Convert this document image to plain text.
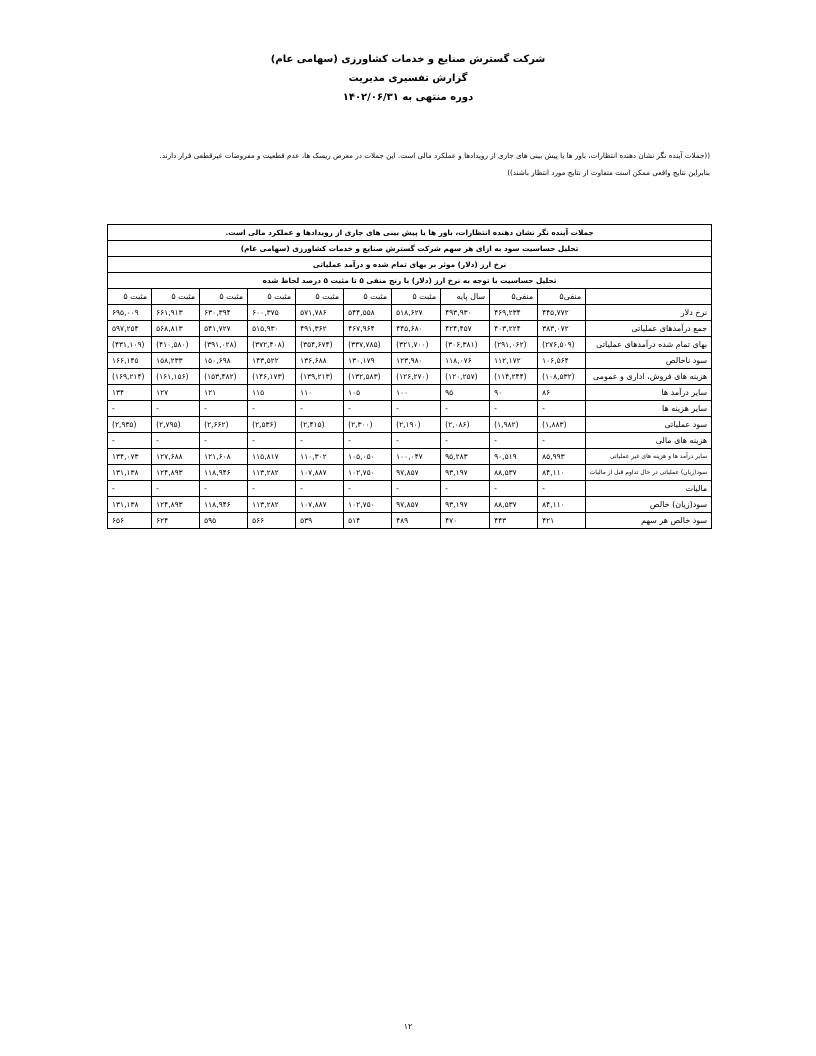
شرکت گسترش صنایع و خدمات کشاورزی (سهامی عام)
گزارش تفسیری مدیریت
دوره منتهی به ۱۴۰۲/۰۶/۳۱
((جملات آینده نگر نشان دهنده انتظارات، باور ها یا پیش بینی های جاری از رویدادها و عملکرد مالی است. این جملات در معرض ریسک ها، عدم قطعیت و مفروضات غیرقطعی قرار دارند.
بنابراین نتایج واقعی ممکن است متفاوت از نتایج مورد انتظار باشند))
جملات آینده نگر نشان دهنده انتظارات، باور ها یا پیش بینی های جاری از رویدادها و عملکرد مالی است.										
تحلیل حساسیت سود به ازای هر سهم شرکت گسترش صنایع و خدمات کشاورزی (سهامی عام)										
نرخ ارز (دلار) موثر بر بهای تمام شده و درآمد عملیاتی										
تحلیل حساسیت با توجه به نرخ ارز (دلار) با رنج منفی ۵ تا مثبت ۵ درصد لحاظ شده										
	منفی۵	منفی۵	سال پایه	مثبت ۵	مثبت ۵	مثبت ۵	مثبت ۵	مثبت ۵	مثبت ۵	مثبت ۵
نرخ دلار	۴۴۵,۷۷۲	۴۶۹,۲۳۴	۴۹۳,۹۳۰	۵۱۸,۶۲۷	۵۴۴,۵۵۸	۵۷۱,۷۸۶	۶۰۰,۳۷۵	۶۳۰,۳۹۴	۶۶۱,۹۱۳	۶۹۵,۰۰۹
جمع درآمدهای عملیاتی	۳۸۳,۰۷۲	۴۰۳,۲۲۴	۴۲۴,۴۵۷	۴۴۵,۶۸۰	۴۶۷,۹۶۴	۴۹۱,۳۶۲	۵۱۵,۹۳۰	۵۴۱,۷۲۷	۵۶۸,۸۱۳	۵۹۷,۲۵۴
بهای تمام شده درآمدهای عملیاتی	(۲۷۶,۵۰۹)	(۲۹۱,۰۶۲)	(۳۰۶,۳۸۱)	(۳۲۱,۷۰۰)	(۳۳۷,۷۸۵)	(۳۵۴,۶۷۴)	(۳۷۲,۴۰۸)	(۳۹۱,۰۲۸)	(۴۱۰,۵۸۰)	(۴۳۱,۱۰۹)
سود ناخالص	۱۰۶,۵۶۴	۱۱۲,۱۷۲	۱۱۸,۰۷۶	۱۲۳,۹۸۰	۱۳۰,۱۷۹	۱۳۶,۶۸۸	۱۴۳,۵۲۲	۱۵۰,۶۹۸	۱۵۸,۲۳۳	۱۶۶,۱۴۵
هزینه های فروش، اداری و عمومی	(۱۰۸,۵۳۲)	(۱۱۴,۲۴۴)	(۱۲۰,۲۵۷)	(۱۲۶,۲۷۰)	(۱۳۲,۵۸۳)	(۱۳۹,۲۱۳)	(۱۴۶,۱۷۳)	(۱۵۳,۴۸۲)	(۱۶۱,۱۵۶)	(۱۶۹,۲۱۴)
سایر درآمد ها	۸۶	۹۰	۹۵	۱۰۰	۱۰۵	۱۱۰	۱۱۵	۱۲۱	۱۲۷	۱۳۴
سایر هزینه ها	-	-	-	-	-	-	-	-	-	-
سود عملیاتی	(۱,۸۸۳)	(۱,۹۸۲)	(۲,۰۸۶)	(۲,۱۹۰)	(۲,۳۰۰)	(۲,۴۱۵)	(۲,۵۳۶)	(۲,۶۶۲)	(۲,۷۹۵)	(۲,۹۳۵)
هزینه های مالی	-	-	-	-	-	-	-	-	-	-
سایر درآمد ها و هزینه های غیر عملیاتی	۸۵,۹۹۳	۹۰,۵۱۹	۹۵,۲۸۳	۱۰۰,۰۴۷	۱۰۵,۰۵۰	۱۱۰,۳۰۲	۱۱۵,۸۱۷	۱۲۱,۶۰۸	۱۲۷,۶۸۸	۱۳۴,۰۷۳
سود(زیان) عملیاتی در حال تداوم قبل از مالیات	۸۴,۱۱۰	۸۸,۵۳۷	۹۳,۱۹۷	۹۷,۸۵۷	۱۰۲,۷۵۰	۱۰۷,۸۸۷	۱۱۳,۲۸۲	۱۱۸,۹۴۶	۱۲۴,۸۹۳	۱۳۱,۱۳۸
مالیات	-	-	-	-	-	-	-	-	-	-
سود(زیان) خالص	۸۴,۱۱۰	۸۸,۵۳۷	۹۳,۱۹۷	۹۷,۸۵۷	۱۰۲,۷۵۰	۱۰۷,۸۸۷	۱۱۳,۲۸۲	۱۱۸,۹۴۶	۱۲۴,۸۹۳	۱۳۱,۱۳۸
سود خالص هر سهم	۴۲۱	۴۴۳	۴۷۰	۴۸۹	۵۱۴	۵۳۹	۵۶۶	۵۹۵	۶۲۴	۶۵۶
۱۲
